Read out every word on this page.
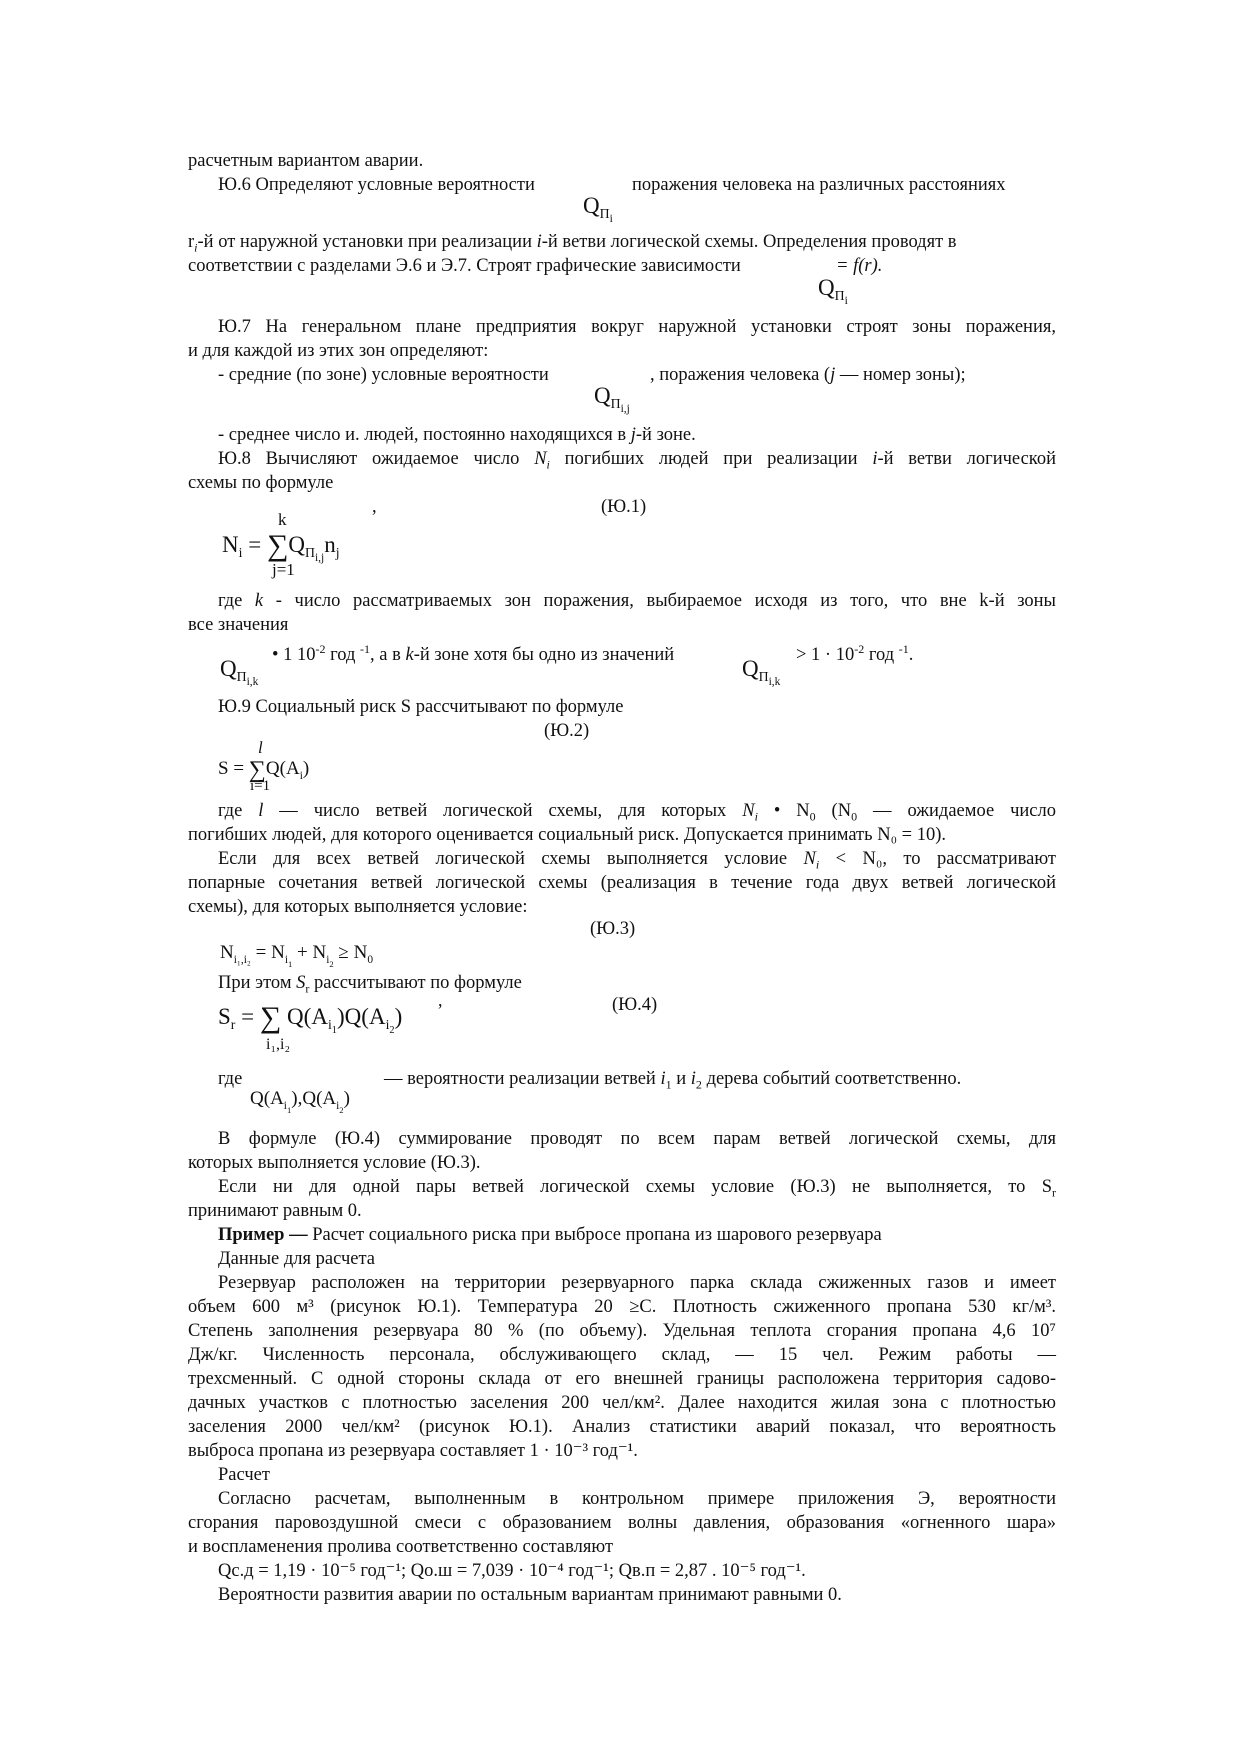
расчетным вариантом аварии.
Ю.6 Определяют условные вероятности	поражения человека на различных расстояниях
$Q_{Пi}$
$r_i-й$ от наружной установки при реализации i-й ветви логической схемы. Определения проводят в
соответствии с разделами Э.6 и Э.7. Строят графические зависимости	= f(r).
$Q_{Пi}$
Ю.7 На генеральном плане предприятия вокруг наружной установки строят зоны поражения,
и для каждой из этих зон определяют:
- средние (по зоне) условные вероятности	, поражения человека (j — номер зоны);
$Q_{Пi,j}$
- среднее число и. людей, постоянно находящихся в j-й зоне.
Ю.8 Вычисляют ожидаемое число $N_i$ погибших людей при реализации i-й ветви логической
схемы по формуле
,	(Ю.1)
k
$N_i = \sum Q_{Пi,j}n_j$
j=1
где k - число рассматриваемых зон поражения, выбираемое исходя из того, что вне k-й зоны
все значения
• 1 $10^{-2}$ год $^{-1}$, а в k-й зоне хотя бы одно из значений	> $1 \cdot 10^{-2}$ год $^{-1}$.
$Q_{Пi,k}$
$Q_{Пi,k}$
Ю.9 Социальный риск S рассчитывают по формуле
(Ю.2)
l
$S = \sum Q(A_i)$
i=1
где l — число ветвей логической схемы, для которых $N_i$ • $N_0$ ($N_0$ — ожидаемое число
погибших людей, для которого оценивается социальный риск. Допускается принимать N₀ = 10).
Если для всех ветвей логической схемы выполняется условие $N_i < N_0$, то рассматривают
попарные сочетания ветвей логической схемы (реализация в течение года двух ветвей логической
схемы), для которых выполняется условие:
(Ю.3)
$N_{i_1,i_2} = N_{i1} + N_{i2} \ge N_0$
При этом $S_r$ рассчитывают по формуле
(Ю.4)
$S_r$ = ∑ $Q(A_{i1})Q(A_{i2})$
,
i₁,i₂
где	— вероятности реализации ветвей $i_1$ и $i_2$ дерева событий соответственно.
$Q(A_{i1}),Q(A_{i2})$
В формуле (Ю.4) суммирование проводят по всем парам ветвей логической схемы, для
которых выполняется условие (Ю.3).
Если ни для одной пары ветвей логической схемы условие (Ю.3) не выполняется, то $S_r$
принимают равным 0.
Пример — Расчет социального риска при выбросе пропана из шарового резервуара
Данные для расчета
Резервуар расположен на территории резервуарного парка склада сжиженных газов и имеет
объем 600 м³ (рисунок Ю.1). Температура 20 ≥С. Плотность сжиженного пропана 530 кг/м³.
Степень заполнения резервуара 80 % (по объему). Удельная теплота сгорания пропана 4,6 10⁷
Дж/кг. Численность персонала, обслуживающего склад, — 15 чел. Режим работы —
трехсменный. С одной стороны склада от его внешней границы расположена территория садово-
дачных участков с плотностью заселения 200 чел/км². Далее находится жилая зона с плотностью
заселения 2000 чел/км² (рисунок Ю.1). Анализ статистики аварий показал, что вероятность
выброса пропана из резервуара составляет 1 · 10⁻³ год⁻¹.
Расчет
Согласно расчетам, выполненным в контрольном примере приложения Э, вероятности
сгорания паровоздушной смеси с образованием волны давления, образования «огненного шара»
и воспламенения пролива соответственно составляют
Qс.д = 1,19 · 10⁻⁵ год⁻¹; Qо.ш = 7,039 · 10⁻⁴ год⁻¹; Qв.п = 2,87 . 10⁻⁵ год⁻¹.
Вероятности развития аварии по остальным вариантам принимают равными 0.
